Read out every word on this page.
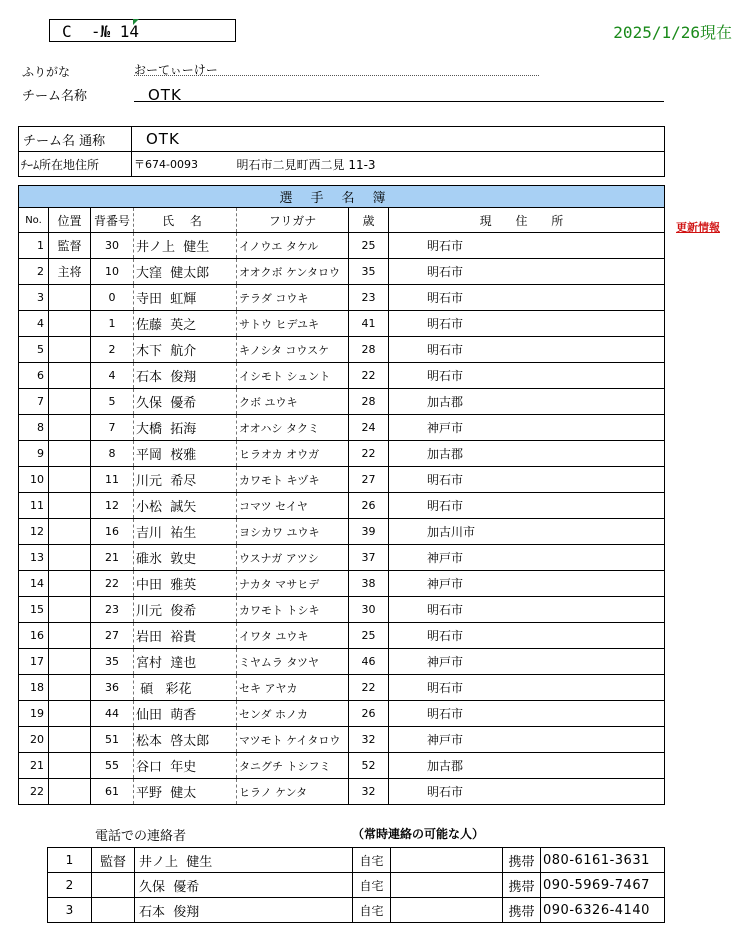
C  -№ 14	2025/1/26現在
ふりがな	おーてぃーけー
チーム名称	OTK
チーム名 通称	OTK	
ﾁｰﾑ所在地住所	〒674-0093	明石市二見町西二見 11-3
選手名簿						
No.	位置	背番号	氏 名	フリガナ	歳	現 住 所
1	監督	30	井ノ上  健生	イノウエ タケル	25	明石市
2	主将	10	大窪  健太郎	オオクボ ケンタロウ	35	明石市
3		0	寺田  虹輝	テラダ コウキ	23	明石市
4		1	佐藤  英之	サトウ ヒデユキ	41	明石市
5		2	木下  航介	キノシタ コウスケ	28	明石市
6		4	石本  俊翔	イシモト シュント	22	明石市
7		5	久保  優希	クボ ユウキ	28	加古郡
8		7	大橋  拓海	オオハシ タクミ	24	神戸市
9		8	平岡  桜雅	ヒラオカ オウガ	22	加古郡
10		11	川元  希尽	カワモト キヅキ	27	明石市
11		12	小松  誠矢	コマツ セイヤ	26	明石市
12		16	吉川  祐生	ヨシカワ ユウキ	39	加古川市
13		21	碓氷  敦史	ウスナガ アツシ	37	神戸市
14		22	中田  雅英	ナカタ マサヒデ	38	神戸市
15		23	川元  俊希	カワモト トシキ	30	明石市
16		27	岩田  裕貴	イワタ ユウキ	25	明石市
17		35	宮村  達也	ミヤムラ タツヤ	46	神戸市
18		36	碩   彩花	セキ アヤカ	22	明石市
19		44	仙田  萌香	センダ ホノカ	26	明石市
20		51	松本  啓太郎	マツモト ケイタロウ	32	神戸市
21		55	谷口  年史	タニグチ トシフミ	52	加古郡
22		61	平野  健太	ヒラノ ケンタ	32	明石市
更新情報
電話での連絡者	（常時連絡の可能な人）
1	監督	井ノ上  健生	自宅		携帯	080-6161-3631
2		久保  優希	自宅		携帯	090-5969-7467
3		石本  俊翔	自宅		携帯	090-6326-4140
